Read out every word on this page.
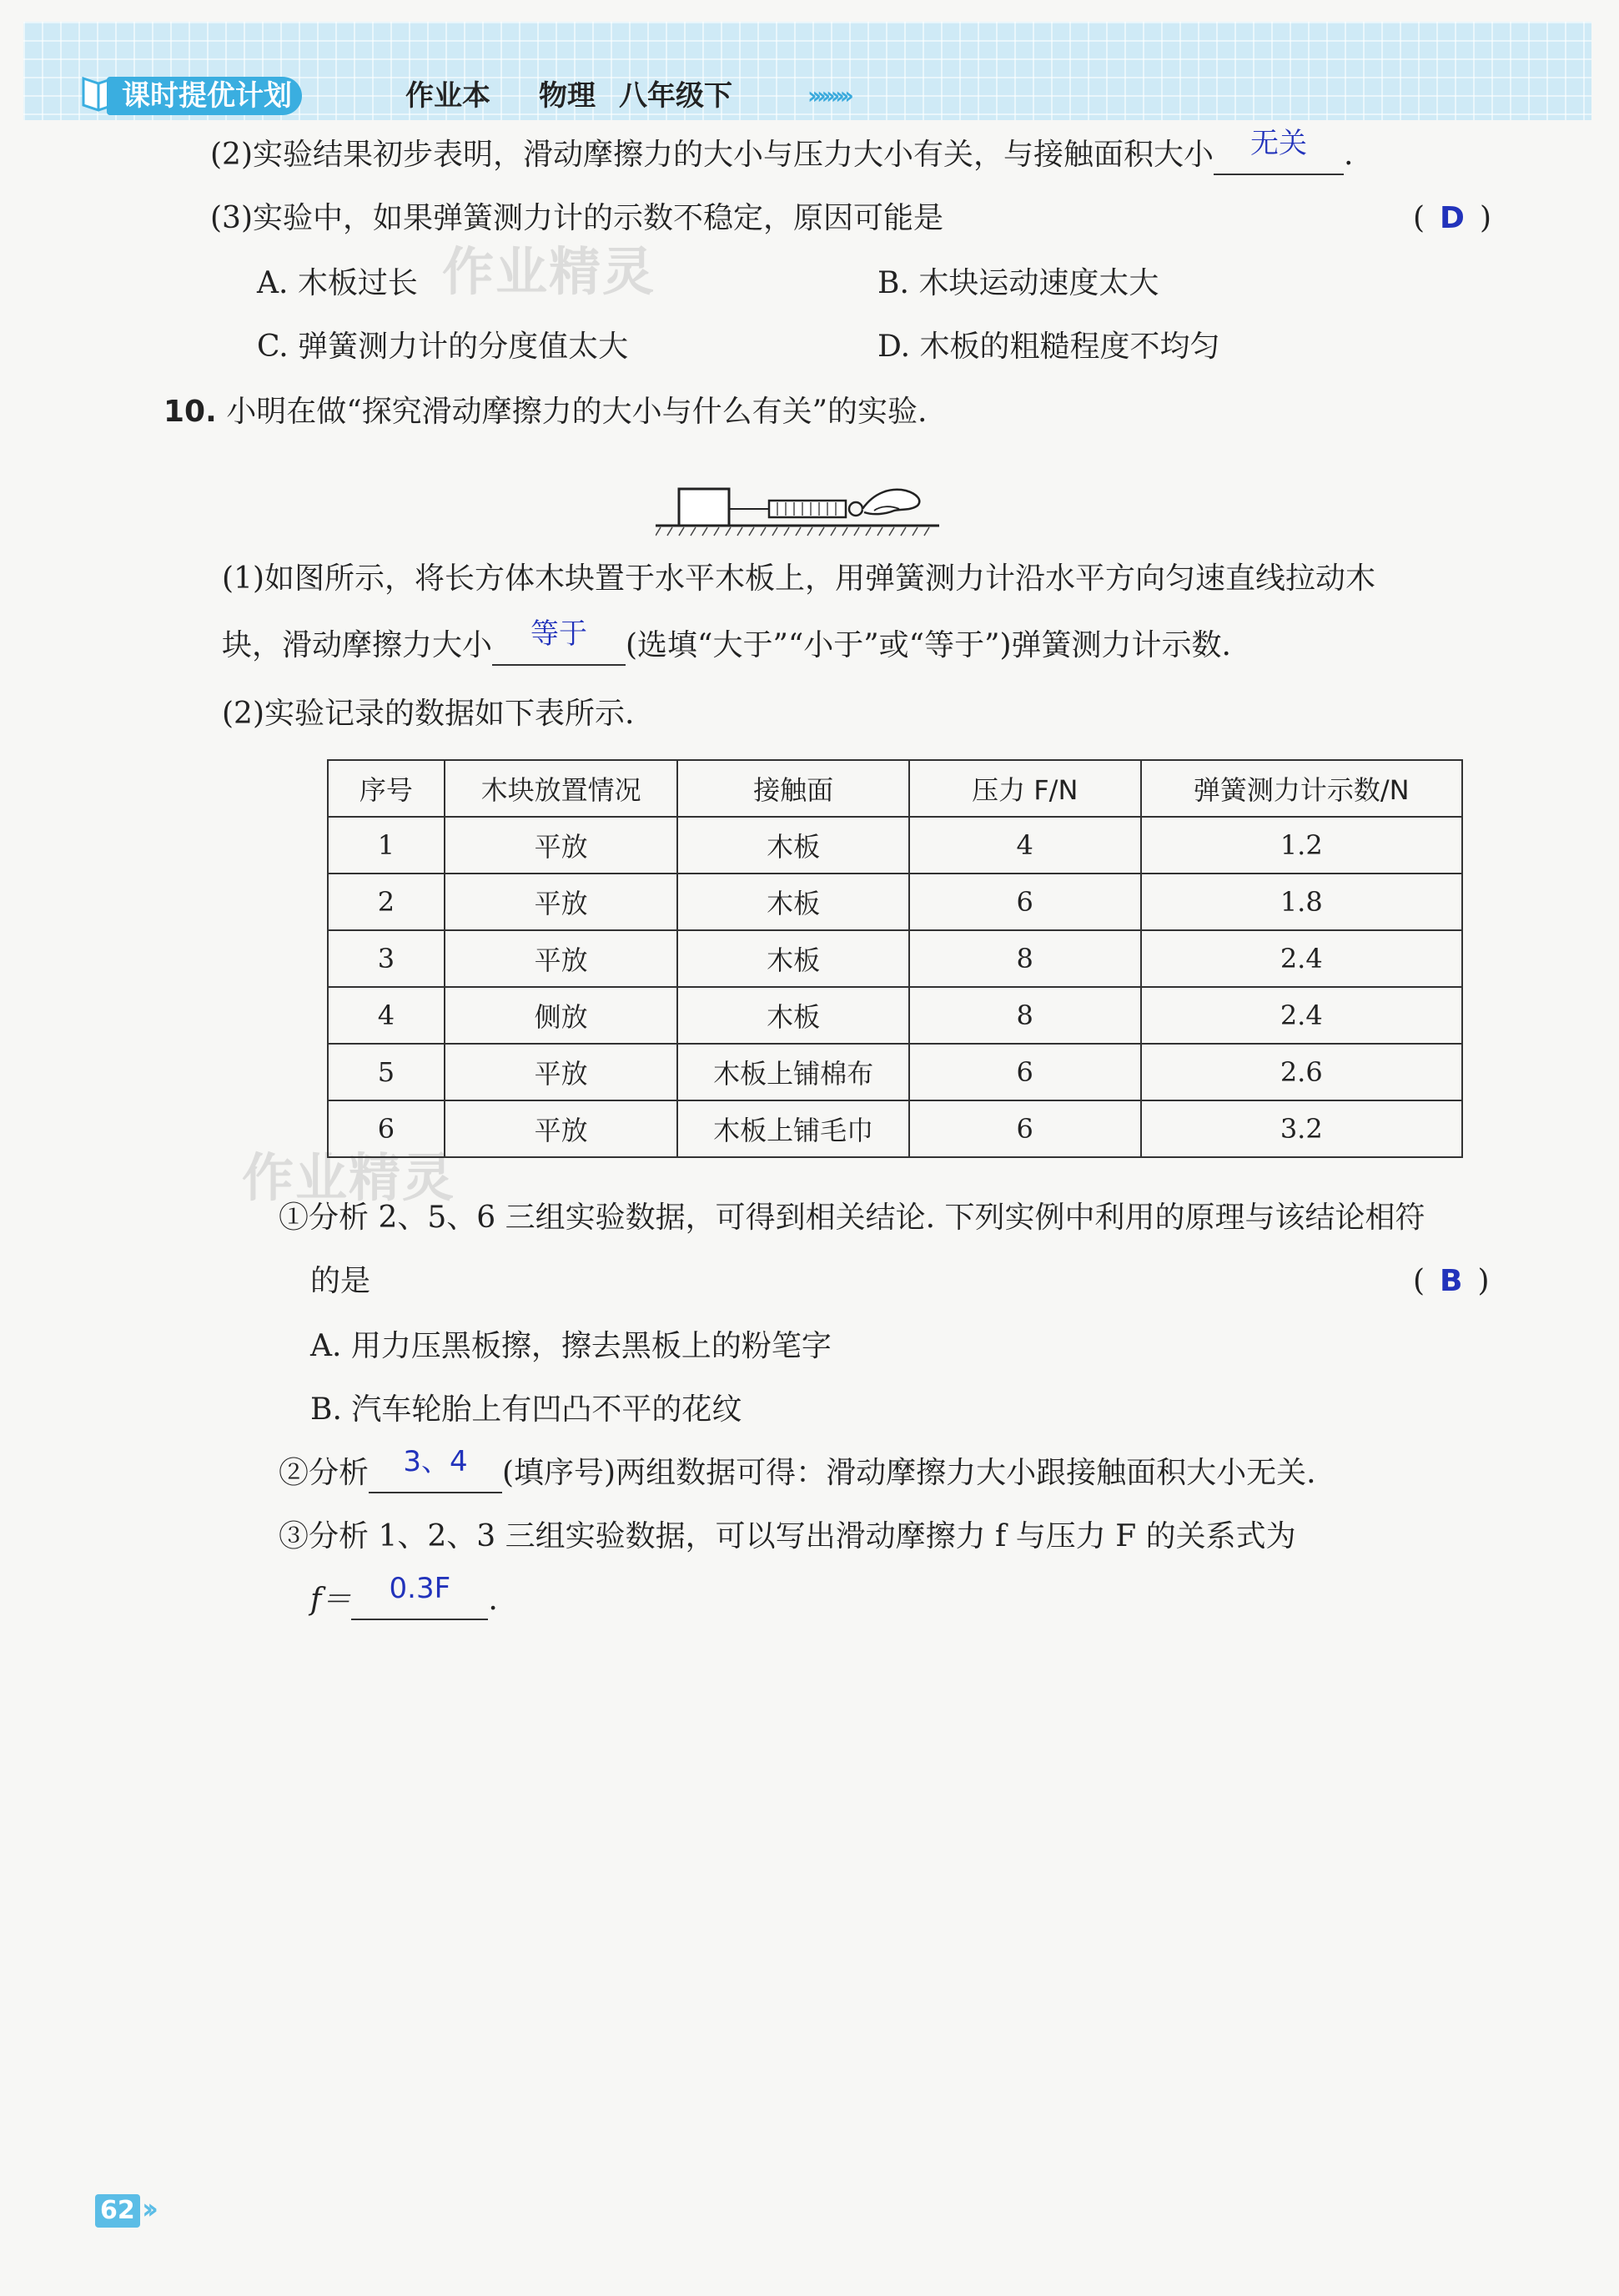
课时提优计划	作业本 物理 八年级下	›››››››››
作业精灵
作业精灵
(2)实验结果初步表明，滑动摩擦力的大小与压力大小有关，与接触面积大小	无关	.
(3)实验中，如果弹簧测力计的示数不稳定，原因可能是	( D )
A. 木板过长	B. 木块运动速度太大
C. 弹簧测力计的分度值太大	D. 木板的粗糙程度不均匀
10. 小明在做“探究滑动摩擦力的大小与什么有关”的实验.
(1)如图所示，将长方体木块置于水平木板上，用弹簧测力计沿水平方向匀速直线拉动木
块，滑动摩擦力大小	等于	(选填“大于”“小于”或“等于”)弹簧测力计示数.
(2)实验记录的数据如下表所示.
序号	木块放置情况	接触面	压力 F/N	弹簧测力计示数/N
1	平放	木板	4	1.2
2	平放	木板	6	1.8
3	平放	木板	8	2.4
4	侧放	木板	8	2.4
5	平放	木板上铺棉布	6	2.6
6	平放	木板上铺毛巾	6	3.2
①分析 2、5、6 三组实验数据，可得到相关结论. 下列实例中利用的原理与该结论相符
的是	( B )
A. 用力压黑板擦，擦去黑板上的粉笔字
B. 汽车轮胎上有凹凸不平的花纹
②分析	3、4	(填序号)两组数据可得：滑动摩擦力大小跟接触面积大小无关.
③分析 1、2、3 三组实验数据，可以写出滑动摩擦力 f 与压力 F 的关系式为
f＝	0.3F	.
62 ››
